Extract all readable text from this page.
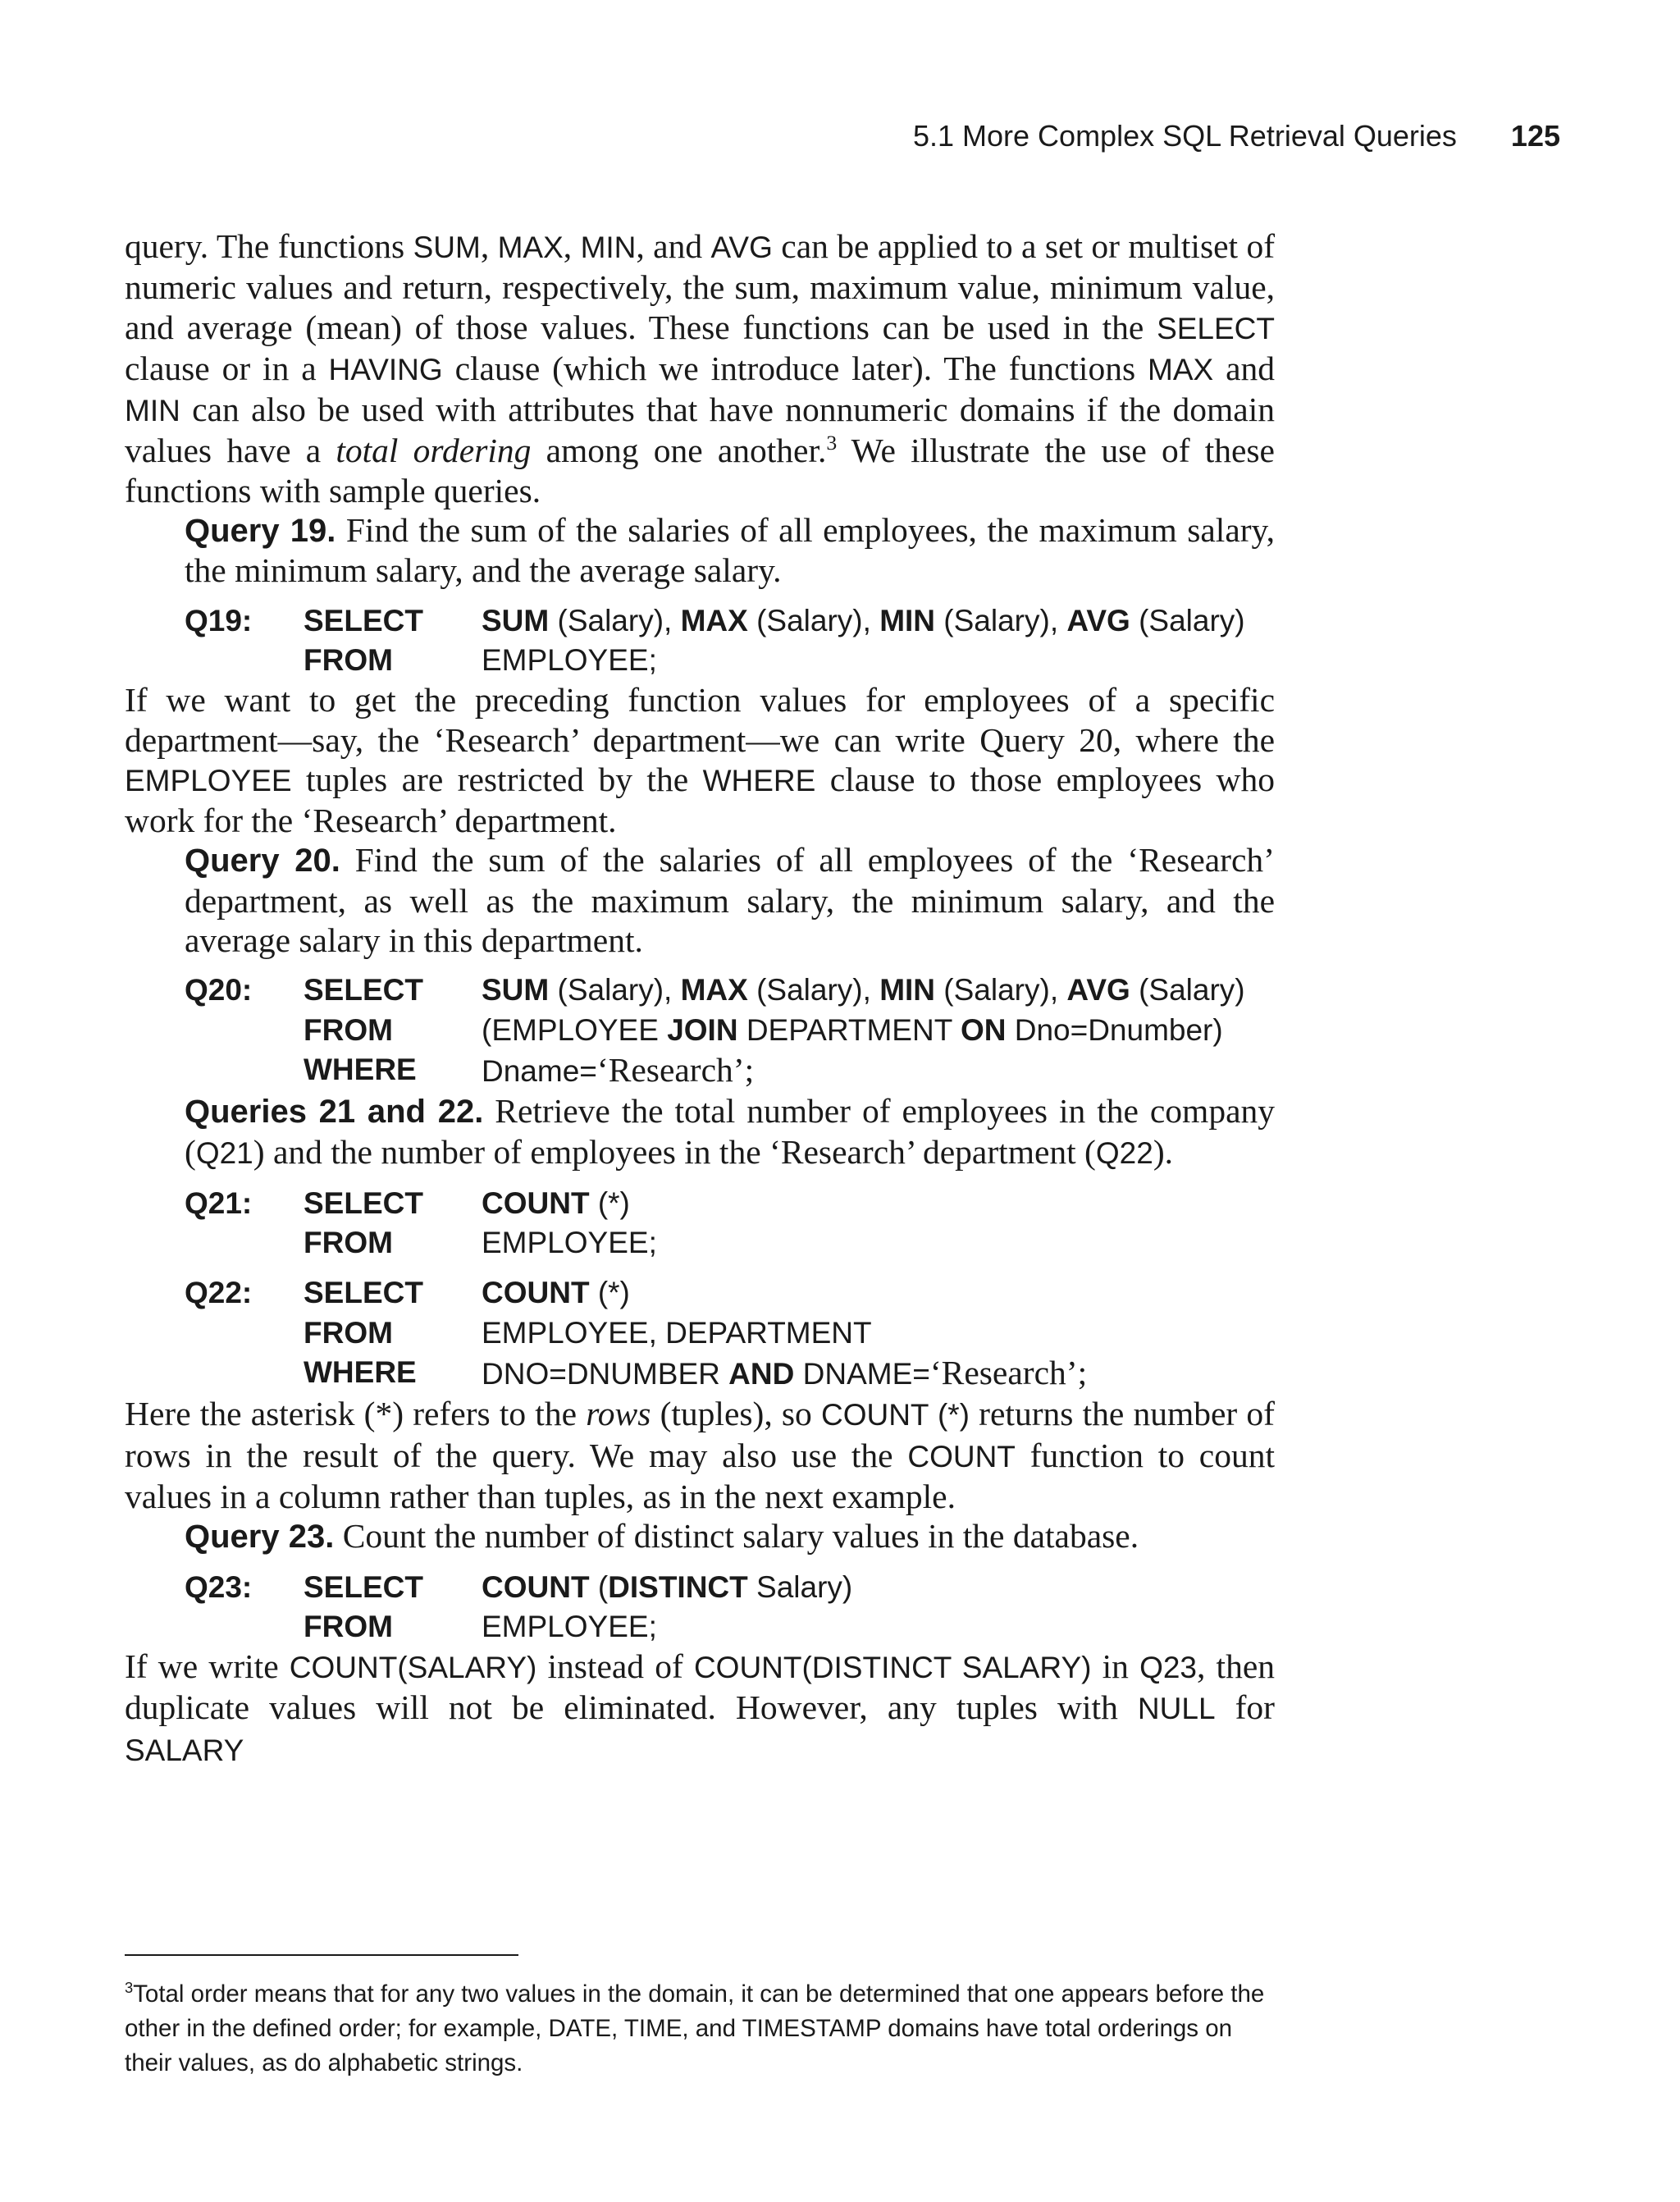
5.1 More Complex SQL Retrieval Queries 125

query. The functions SUM, MAX, MIN, and AVG can be applied to a set or multiset of numeric values and return, respectively, the sum, maximum value, minimum value, and average (mean) of those values. These functions can be used in the SELECT clause or in a HAVING clause (which we introduce later). The functions MAX and MIN can also be used with attributes that have nonnumeric domains if the domain values have a total ordering among one another.$^3$ We illustrate the use of these functions with sample queries.

Query 19. Find the sum of the salaries of all employees, the maximum salary, the minimum salary, and the average salary.

Q19:	SELECT	SUM (Salary), MAX (Salary), MIN (Salary), AVG (Salary)
FROM	EMPLOYEE;

If we want to get the preceding function values for employees of a specific department—say, the ‘Research’ department—we can write Query 20, where the EMPLOYEE tuples are restricted by the WHERE clause to those employees who work for the ‘Research’ department.

Query 20. Find the sum of the salaries of all employees of the ‘Research’ department, as well as the maximum salary, the minimum salary, and the average salary in this department.

Q20:	SELECT	SUM (Salary), MAX (Salary), MIN (Salary), AVG (Salary)
FROM	(EMPLOYEE JOIN DEPARTMENT ON Dno=Dnumber)
WHERE	Dname=‘Research’;

Queries 21 and 22. Retrieve the total number of employees in the company (Q21) and the number of employees in the ‘Research’ department (Q22).

Q21:	SELECT	COUNT (*)
FROM	EMPLOYEE;
Q22:	SELECT	COUNT (*)
FROM	EMPLOYEE, DEPARTMENT
WHERE	DNO=DNUMBER AND DNAME=‘Research’;

Here the asterisk (*) refers to the rows (tuples), so COUNT (*) returns the number of rows in the result of the query. We may also use the COUNT function to count values in a column rather than tuples, as in the next example.

Query 23. Count the number of distinct salary values in the database.

Q23:	SELECT	COUNT (DISTINCT Salary)
FROM	EMPLOYEE;

If we write COUNT(SALARY) instead of COUNT(DISTINCT SALARY) in Q23, then duplicate values will not be eliminated. However, any tuples with NULL for SALARY

$^3$Total order means that for any two values in the domain, it can be determined that one appears before the other in the defined order; for example, DATE, TIME, and TIMESTAMP domains have total orderings on their values, as do alphabetic strings.
